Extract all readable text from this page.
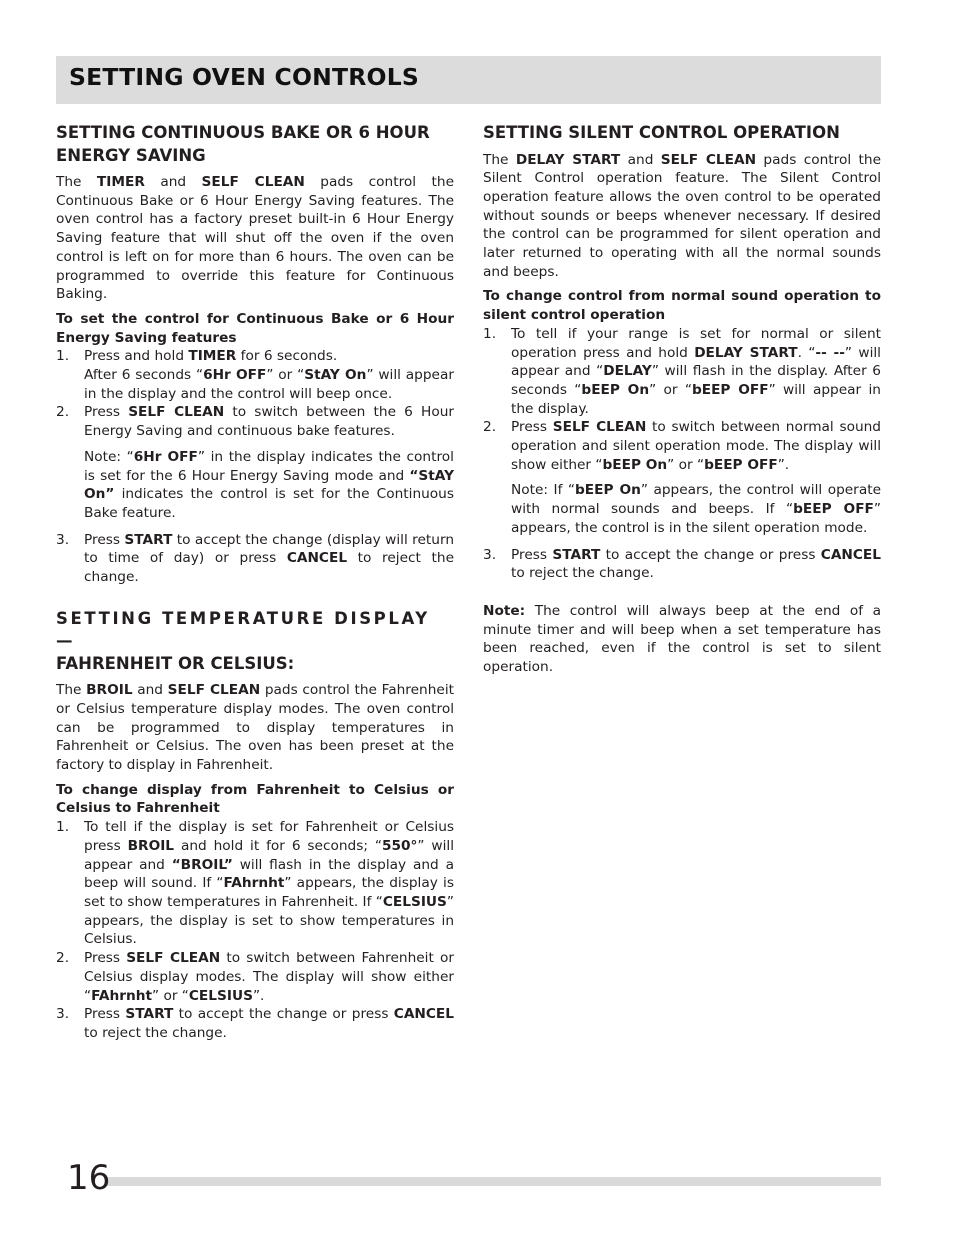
SETTING OVEN CONTROLS
SETTING CONTINUOUS BAKE OR 6 HOUR ENERGY SAVING

The TIMER and SELF CLEAN pads control the Continuous Bake or 6 Hour Energy Saving features. The oven control has a factory preset built-in 6 Hour Energy Saving feature that will shut off the oven if the oven control is left on for more than 6 hours. The oven can be programmed to override this feature for Continuous Baking.

To set the control for Continuous Bake or 6 Hour Energy Saving features
1. Press and hold TIMER for 6 seconds.
After 6 seconds “6Hr OFF” or “StAY On” will appear in the display and the control will beep once.
2. Press SELF CLEAN to switch between the 6 Hour Energy Saving and continuous bake features.
Note: “6Hr OFF” in the display indicates the control is set for the 6 Hour Energy Saving mode and “StAY On” indicates the control is set for the Continuous Bake feature.
3. Press START to accept the change (display will return to time of day) or press CANCEL to reject the change.
SETTING TEMPERATURE DISPLAY —
FAHRENHEIT OR CELSIUS:

The BROIL and SELF CLEAN pads control the Fahrenheit or Celsius temperature display modes. The oven control can be programmed to display temperatures in Fahrenheit or Celsius. The oven has been preset at the factory to display in Fahrenheit.

To change display from Fahrenheit to Celsius or Celsius to Fahrenheit
1. To tell if the display is set for Fahrenheit or Celsius press BROIL and hold it for 6 seconds; “550°” will appear and “BROIL” will flash in the display and a beep will sound. If “FAhrnht” appears, the display is set to show temperatures in Fahrenheit. If “CELSIUS” appears, the display is set to show temperatures in Celsius.
2. Press SELF CLEAN to switch between Fahrenheit or Celsius display modes. The display will show either “FAhrnht” or “CELSIUS”.
3. Press START to accept the change or press CANCEL to reject the change.
SETTING SILENT CONTROL OPERATION

The DELAY START and SELF CLEAN pads control the Silent Control operation feature. The Silent Control operation feature allows the oven control to be operated without sounds or beeps whenever necessary. If desired the control can be programmed for silent operation and later returned to operating with all the normal sounds and beeps.

To change control from normal sound operation to silent control operation
1. To tell if your range is set for normal or silent operation press and hold DELAY START. “-- --” will appear and “DELAY” will flash in the display. After 6 seconds “bEEP On” or “bEEP OFF” will appear in the display.
2. Press SELF CLEAN to switch between normal sound operation and silent operation mode. The display will show either “bEEP On” or “bEEP OFF”.
Note: If “bEEP On” appears, the control will operate with normal sounds and beeps. If “bEEP OFF” appears, the control is in the silent operation mode.
3. Press START to accept the change or press CANCEL to reject the change.

Note: The control will always beep at the end of a minute timer and will beep when a set temperature has been reached, even if the control is set to silent operation.

16
